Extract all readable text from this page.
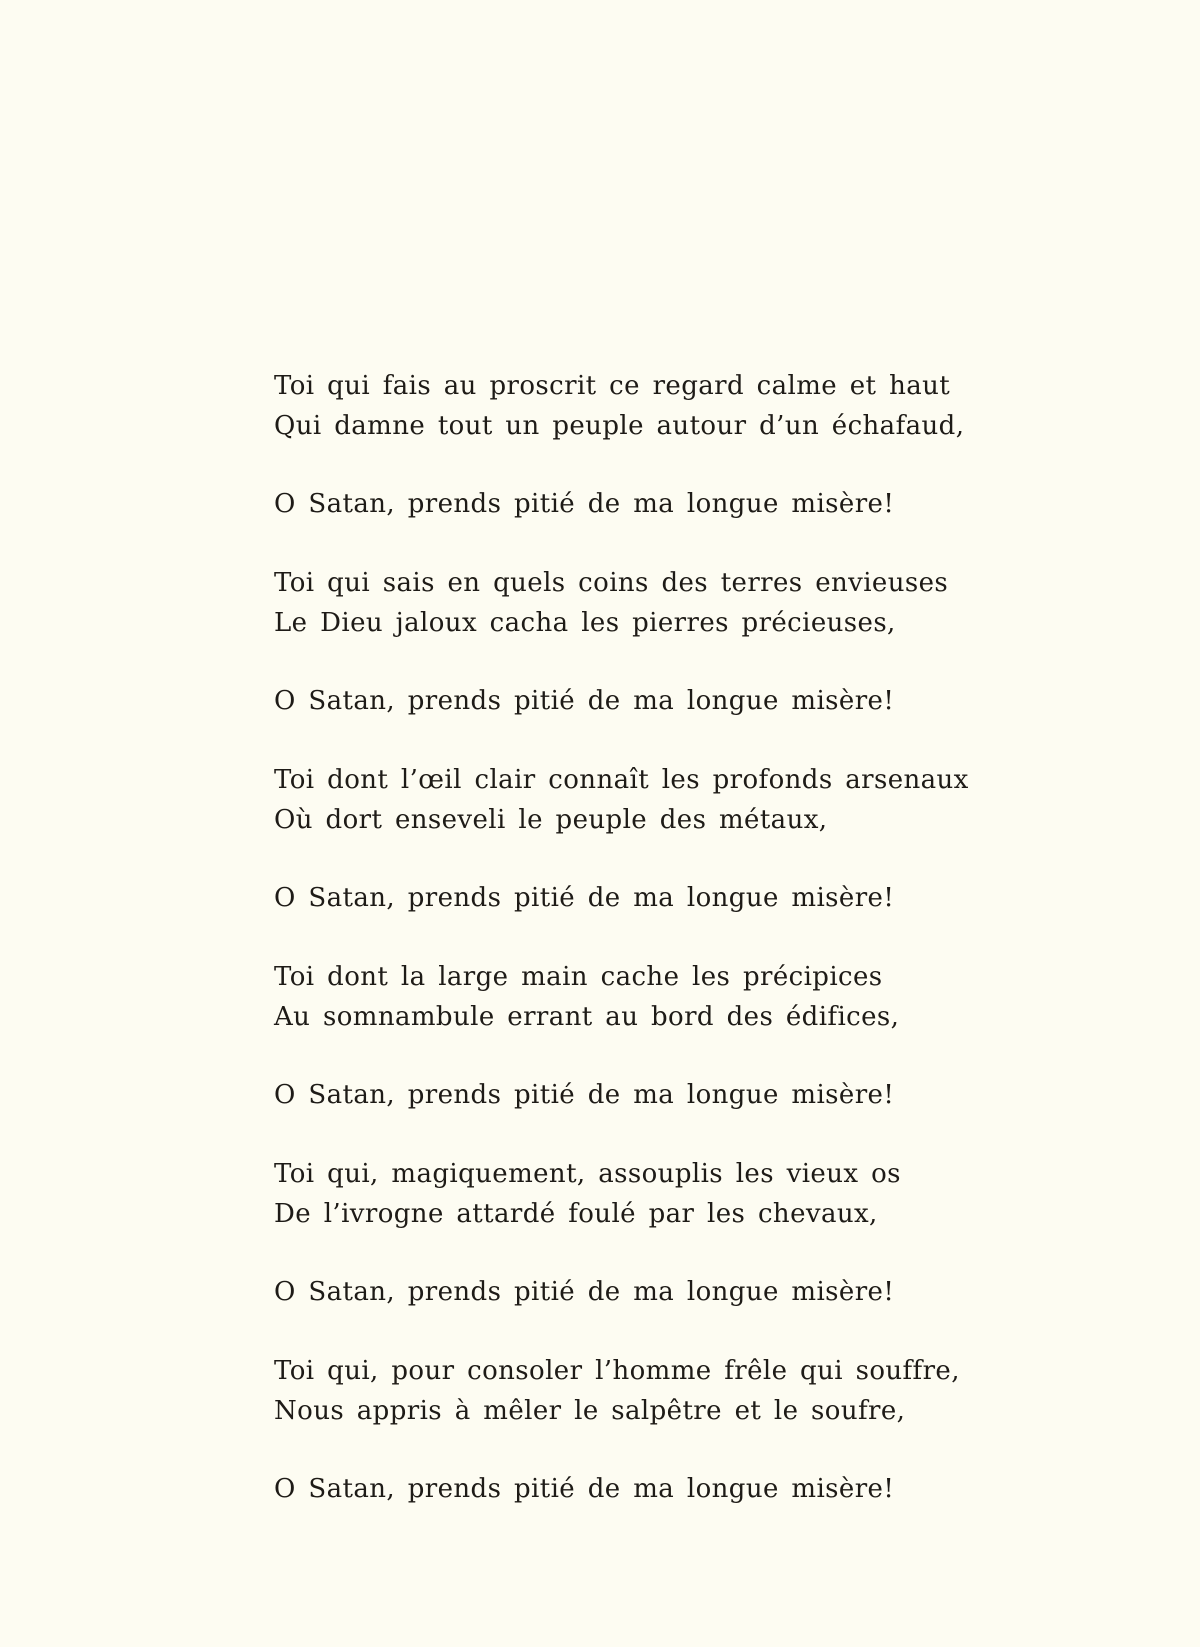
Toi qui fais au proscrit ce regard calme et haut
Qui damne tout un peuple autour d’un échafaud,
O Satan, prends pitié de ma longue misère!
Toi qui sais en quels coins des terres envieuses
Le Dieu jaloux cacha les pierres précieuses,
O Satan, prends pitié de ma longue misère!
Toi dont l’œil clair connaît les profonds arsenaux
Où dort enseveli le peuple des métaux,
O Satan, prends pitié de ma longue misère!
Toi dont la large main cache les précipices
Au somnambule errant au bord des édifices,
O Satan, prends pitié de ma longue misère!
Toi qui, magiquement, assouplis les vieux os
De l’ivrogne attardé foulé par les chevaux,
O Satan, prends pitié de ma longue misère!
Toi qui, pour consoler l’homme frêle qui souffre,
Nous appris à mêler le salpêtre et le soufre,
O Satan, prends pitié de ma longue misère!
